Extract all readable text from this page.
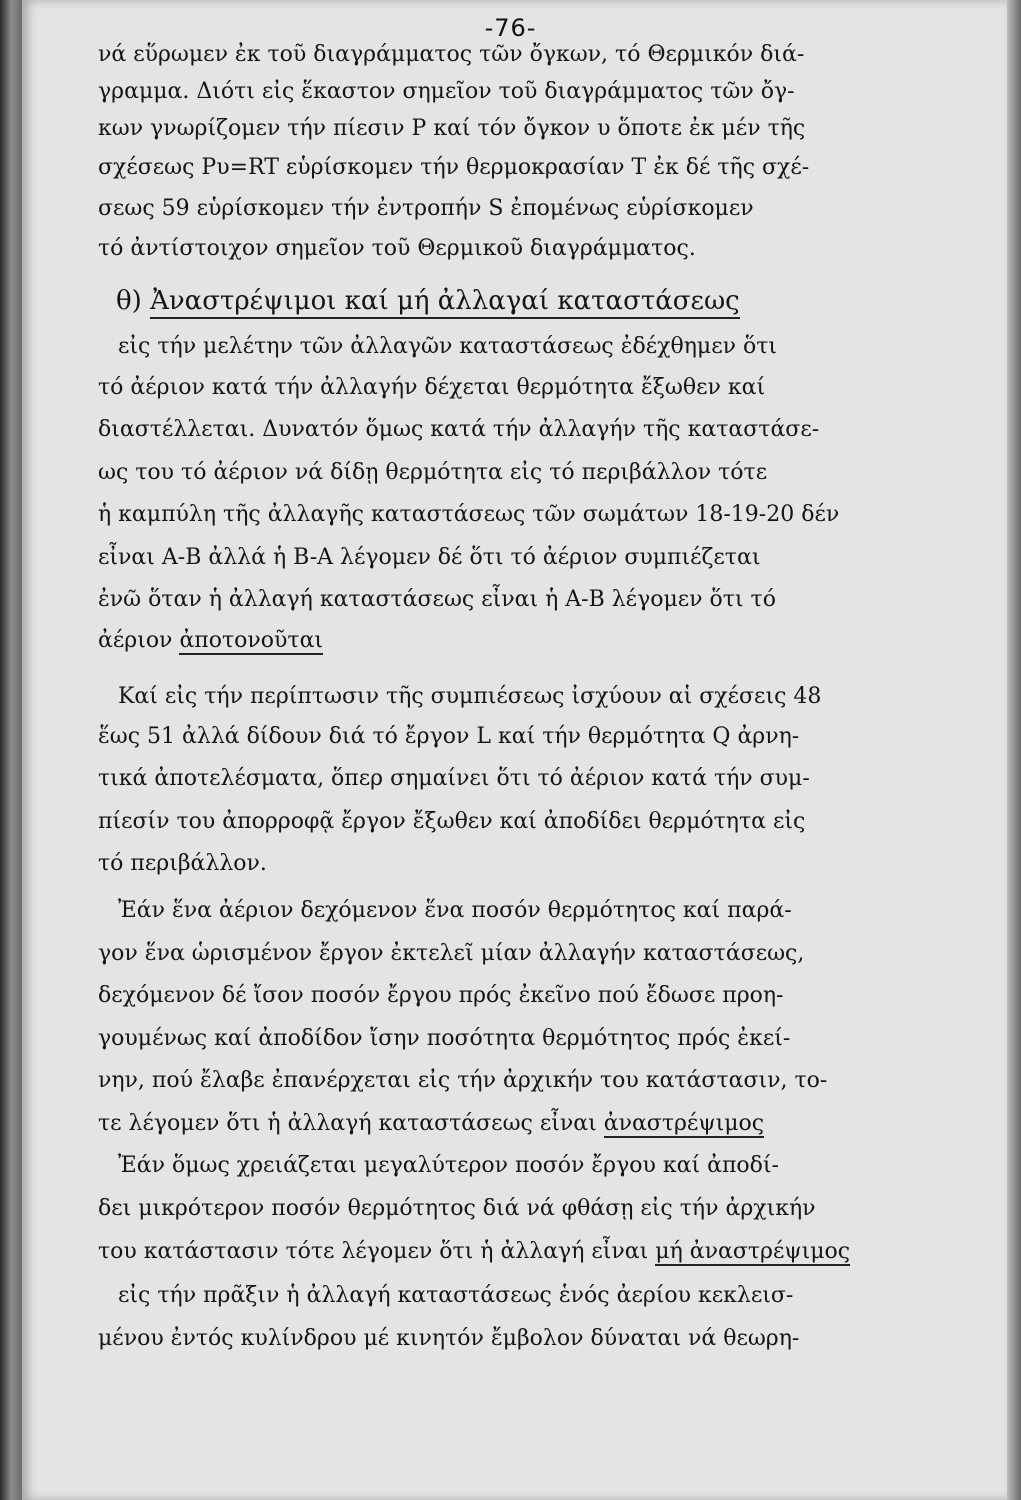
-76-
νά εὕρωμεν ἐκ τοῦ διαγράμματος τῶν ὄγκων, τό Θερμικόν διά-
γραμμα. Διότι εἰς ἕκαστον σημεῖον τοῦ διαγράμματος τῶν ὄγ-
κων γνωρίζομεν τήν πίεσιν P καί τόν ὄγκον υ ὅποτε ἐκ μέν τῆς
σχέσεως Pυ=RT εὑρίσκομεν τήν θερμοκρασίαν T ἐκ δέ τῆς σχέ-
σεως 59 εὑρίσκομεν τήν ἐντροπήν S ἐπομένως εὑρίσκομεν
τό ἀντίστοιχον σημεῖον τοῦ Θερμικοῦ διαγράμματος.
θ) Ἀναστρέψιμοι καί μή ἀλλαγαί καταστάσεως
εἰς τήν μελέτην τῶν ἀλλαγῶν καταστάσεως ἐδέχθημεν ὅτι
τό ἀέριον κατά τήν ἀλλαγήν δέχεται θερμότητα ἔξωθεν καί
διαστέλλεται. Δυνατόν ὅμως κατά τήν ἀλλαγήν τῆς καταστάσε-
ως του τό ἀέριον νά δίδῃ θερμότητα εἰς τό περιβάλλον τότε
ἡ καμπύλη τῆς ἀλλαγῆς καταστάσεως τῶν σωμάτων 18-19-20 δέν
εἶναι A-B ἀλλά ἡ B-A λέγομεν δέ ὅτι τό ἀέριον συμπιέζεται
ἐνῶ ὅταν ἡ ἀλλαγή καταστάσεως εἶναι ἡ A-B λέγομεν ὅτι τό
ἀέριον ἀποτονοῦται
Καί εἰς τήν περίπτωσιν τῆς συμπιέσεως ἰσχύουν αἱ σχέσεις 48
ἕως 51 ἀλλά δίδουν διά τό ἔργον L καί τήν θερμότητα Q ἀρνη-
τικά ἀποτελέσματα, ὅπερ σημαίνει ὅτι τό ἀέριον κατά τήν συμ-
πίεσίν του ἀπορροφᾷ ἔργον ἔξωθεν καί ἀποδίδει θερμότητα εἰς
τό περιβάλλον.
Ἐάν ἕνα ἀέριον δεχόμενον ἕνα ποσόν θερμότητος καί παρά-
γον ἕνα ὡρισμένον ἔργον ἐκτελεῖ μίαν ἀλλαγήν καταστάσεως,
δεχόμενον δέ ἴσον ποσόν ἔργου πρός ἐκεῖνο πού ἔδωσε προη-
γουμένως καί ἀποδίδον ἴσην ποσότητα θερμότητος πρός ἐκεί-
νην, πού ἔλαβε ἐπανέρχεται εἰς τήν ἀρχικήν του κατάστασιν, το-
τε λέγομεν ὅτι ἡ ἀλλαγή καταστάσεως εἶναι ἀναστρέψιμος
Ἐάν ὅμως χρειάζεται μεγαλύτερον ποσόν ἔργου καί ἀποδί-
δει μικρότερον ποσόν θερμότητος διά νά φθάσῃ εἰς τήν ἀρχικήν
του κατάστασιν τότε λέγομεν ὅτι ἡ ἀλλαγή εἶναι μή ἀναστρέψιμος
εἰς τήν πρᾶξιν ἡ ἀλλαγή καταστάσεως ἑνός ἀερίου κεκλεισ-
μένου ἐντός κυλίνδρου μέ κινητόν ἔμβολον δύναται νά θεωρη-
